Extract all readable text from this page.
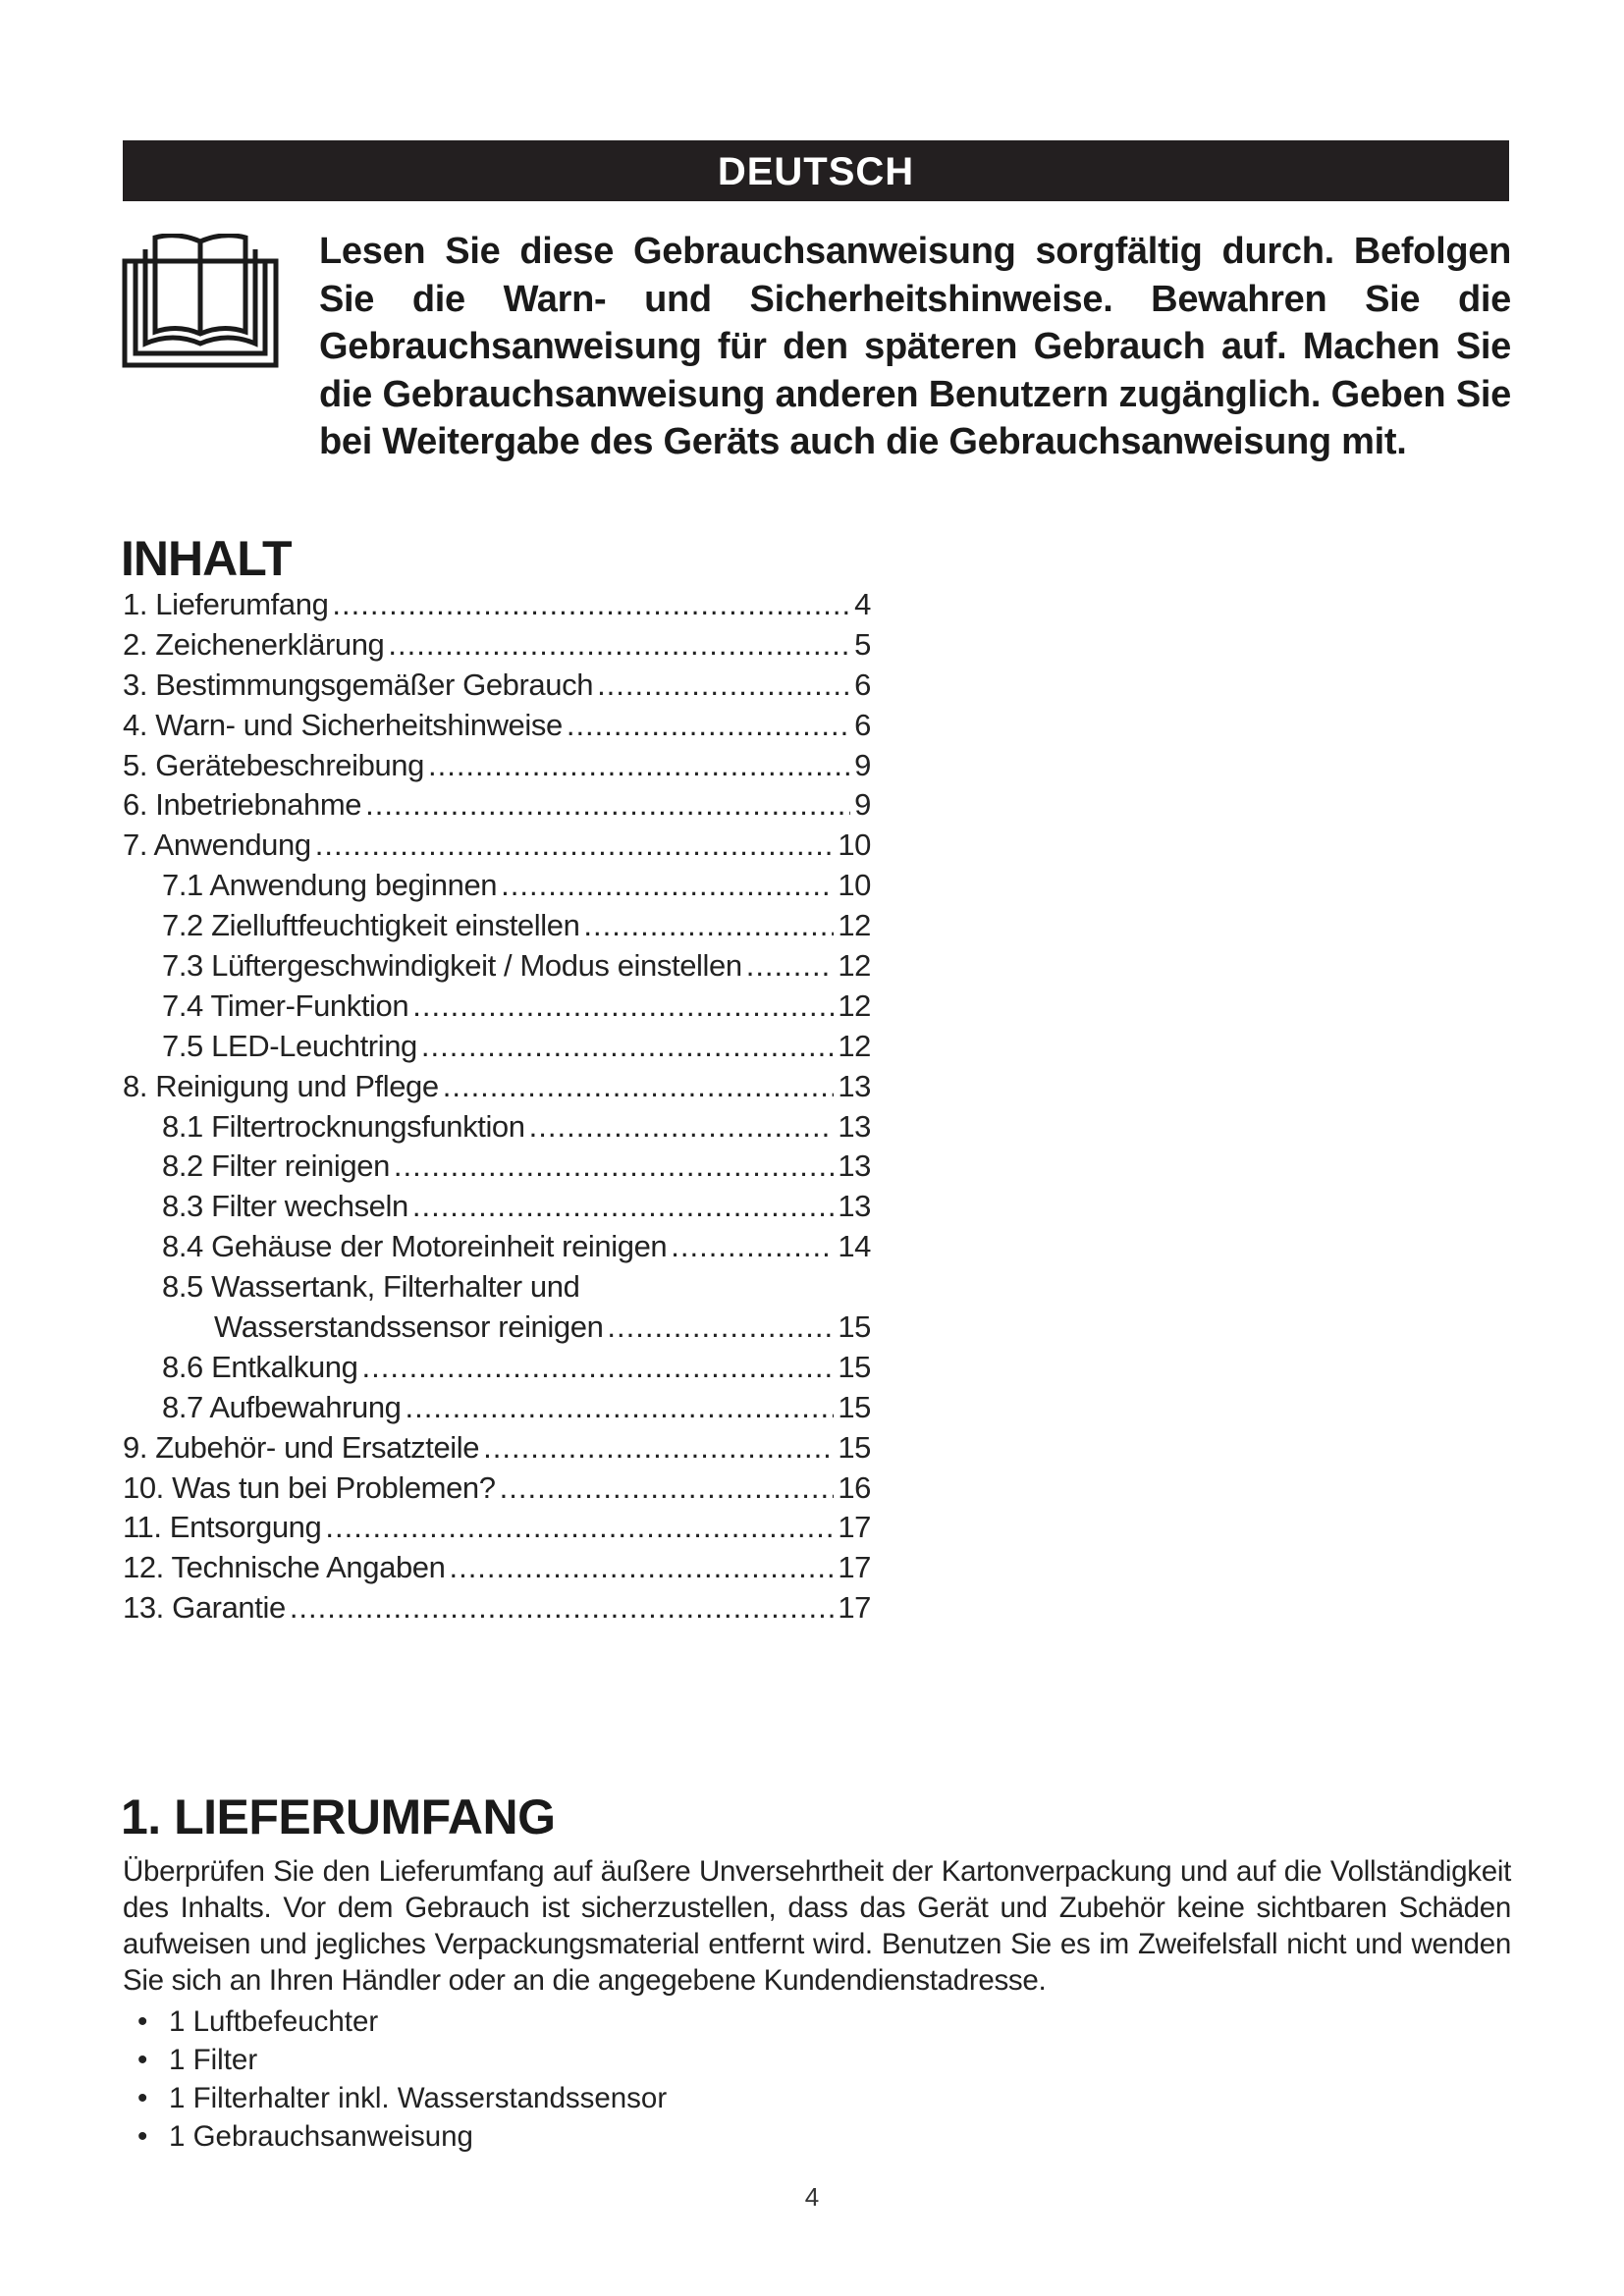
DEUTSCH
Lesen Sie diese Gebrauchsanweisung sorgfältig durch. Befolgen Sie die Warn- und Sicherheitshinweise. Bewahren Sie die Gebrauchsanweisung für den späteren Gebrauch auf. Machen Sie die Gebrauchsanweisung anderen Benutzern zugänglich. Geben Sie bei Weitergabe des Geräts auch die Gebrauchsanweisung mit.
INHALT
1. Lieferumfang .....	4
2. Zeichenerklärung .....	5
3. Bestimmungsgemäßer Gebrauch .....	6
4. Warn- und Sicherheitshinweise .....	6
5. Gerätebeschreibung .....	9
6. Inbetriebnahme .....	9
7. Anwendung .....	10
7.1 Anwendung beginnen .....	10
7.2 Zielluftfeuchtigkeit einstellen .....	12
7.3 Lüftergeschwindigkeit / Modus einstellen .....	12
7.4 Timer-Funktion .....	12
7.5 LED-Leuchtring .....	12
8. Reinigung und Pflege .....	13
8.1 Filtertrocknungsfunktion .....	13
8.2 Filter reinigen .....	13
8.3 Filter wechseln .....	13
8.4 Gehäuse der Motoreinheit reinigen .....	14
8.5 Wassertank, Filterhalter und
Wasserstandssensor reinigen .....	15
8.6 Entkalkung .....	15
8.7 Aufbewahrung .....	15
9. Zubehör- und Ersatzteile .....	15
10. Was tun bei Problemen? .....	16
11. Entsorgung .....	17
12. Technische Angaben .....	17
13. Garantie .....	17
1. LIEFERUMFANG
Überprüfen Sie den Lieferumfang auf äußere Unversehrtheit der Kartonverpackung und auf die Vollständigkeit des Inhalts. Vor dem Gebrauch ist sicherzustellen, dass das Gerät und Zubehör keine sichtbaren Schäden aufweisen und jegliches Verpackungsmaterial entfernt wird. Benutzen Sie es im Zweifelsfall nicht und wenden Sie sich an Ihren Händler oder an die angegebene Kundendienstadresse.
• 1 Luftbefeuchter
• 1 Filter
• 1 Filterhalter inkl. Wasserstandssensor
• 1 Gebrauchsanweisung
4
